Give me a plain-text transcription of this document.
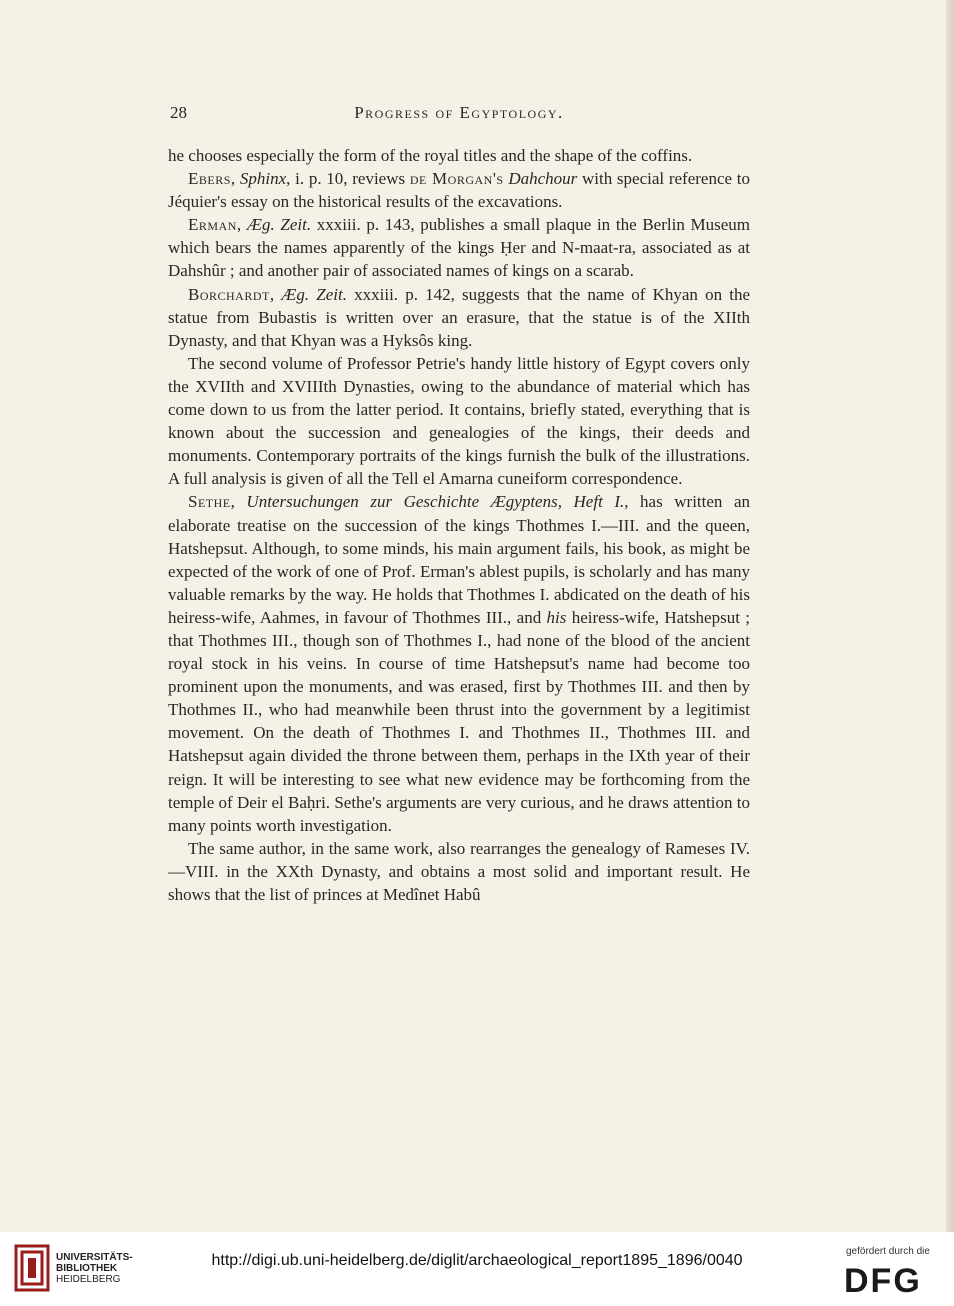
28	Progress of Egyptology.

he chooses especially the form of the royal titles and the shape of the coffins.

Ebers, Sphinx, i. p. 10, reviews de Morgan's Dahchour with special reference to Jéquier's essay on the historical results of the excavations.

Erman, Æg. Zeit. xxxiii. p. 143, publishes a small plaque in the Berlin Museum which bears the names apparently of the kings Ḥer and N-maat-ra, associated as at Dahshûr ; and another pair of associated names of kings on a scarab.

Borchardt, Æg. Zeit. xxxiii. p. 142, suggests that the name of Khyan on the statue from Bubastis is written over an erasure, that the statue is of the XIIth Dynasty, and that Khyan was a Hyksôs king.

The second volume of Professor Petrie's handy little history of Egypt covers only the XVIIth and XVIIIth Dynasties, owing to the abundance of material which has come down to us from the latter period. It contains, briefly stated, everything that is known about the succession and genealogies of the kings, their deeds and monuments. Contemporary portraits of the kings furnish the bulk of the illustrations. A full analysis is given of all the Tell el Amarna cuneiform correspondence.

Sethe, Untersuchungen zur Geschichte Ægyptens, Heft I., has written an elaborate treatise on the succession of the kings Thothmes I.—III. and the queen, Hatshepsut. Although, to some minds, his main argument fails, his book, as might be expected of the work of one of Prof. Erman's ablest pupils, is scholarly and has many valuable remarks by the way. He holds that Thothmes I. abdicated on the death of his heiress-wife, Aahmes, in favour of Thothmes III., and his heiress-wife, Hatshepsut ; that Thothmes III., though son of Thothmes I., had none of the blood of the ancient royal stock in his veins. In course of time Hatshepsut's name had become too prominent upon the monuments, and was erased, first by Thothmes III. and then by Thothmes II., who had meanwhile been thrust into the government by a legitimist movement. On the death of Thothmes I. and Thothmes II., Thothmes III. and Hatshepsut again divided the throne between them, perhaps in the IXth year of their reign. It will be interesting to see what new evidence may be forthcoming from the temple of Deir el Baḥri. Sethe's arguments are very curious, and he draws attention to many points worth investigation.

The same author, in the same work, also rearranges the genealogy of Rameses IV.—VIII. in the XXth Dynasty, and obtains a most solid and important result. He shows that the list of princes at Medînet Habû

UNIVERSITÄTS-
BIBLIOTHEK
HEIDELBERG
http://digi.ub.uni-heidelberg.de/diglit/archaeological_report1895_1896/0040
gefördert durch die
DFG
